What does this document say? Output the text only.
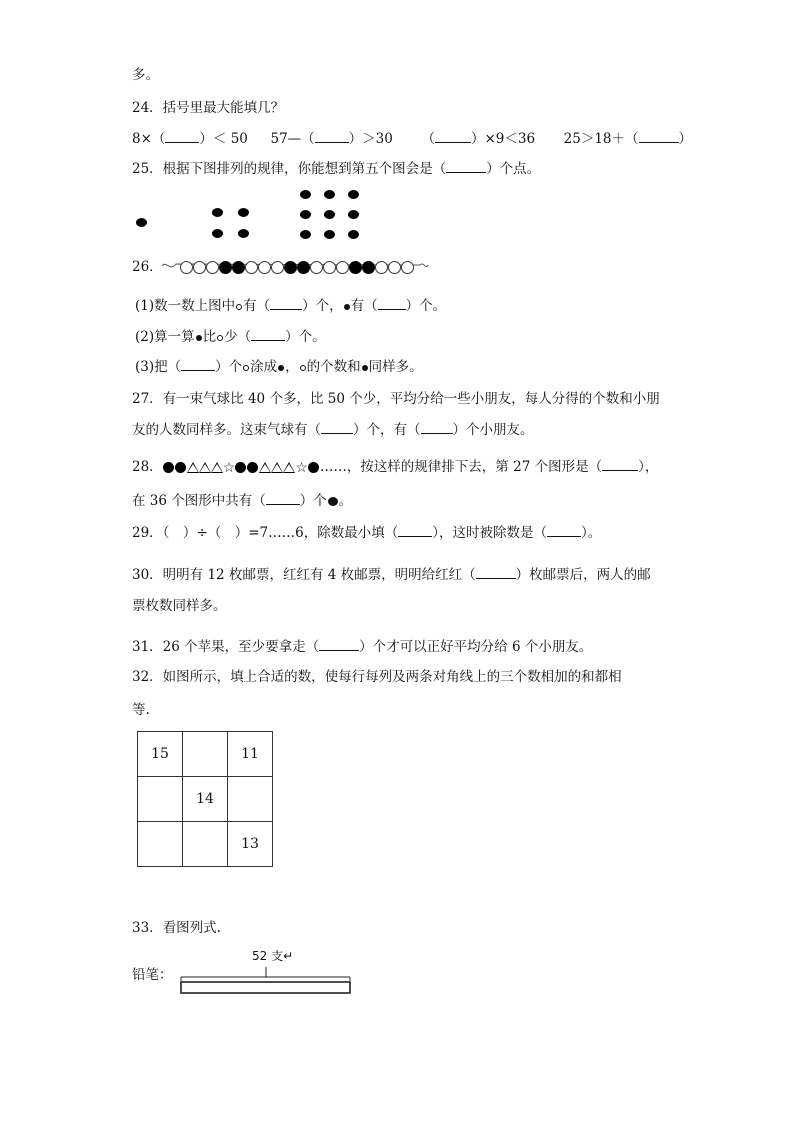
多。
24．括号里最大能填几？
8×（	）＜ 50 57—（	）＞30 （	）×9＜36 25＞18＋（	）
25．根据下图排列的规律，你能想到第五个图会是（	）个点。
26．
(1)数一数上图中 有（ ）个， 有（ ）个。
(2)算一算 比 少（	）个。
(3)把（	）个 涂成 ， 的个数和 同样多。
27．有一束气球比 40 个多，比 50 个少，平均分给一些小朋友，每人分得的个数和小朋
友的人数同样多。这束气球有（ ）个，有（ ）个小朋友。
28．	☆	☆ ……，按这样的规律排下去，第 27 个图形是（	），
在 36 个图形中共有（	）个 。
29．（　）÷（　）=7……6，除数最小填（	），这时被除数是（	）。
30．明明有 12 枚邮票，红红有 4 枚邮票，明明给红红（	）枚邮票后，两人的邮
票枚数同样多。
31．26 个苹果，至少要拿走（	）个才可以正好平均分给 6 个小朋友。
32．如图所示，填上合适的数，使每行每列及两条对角线上的三个数相加的和都相
等.
15		11
	14	
		13
33．看图列式.
52 支↵
铅笔：
